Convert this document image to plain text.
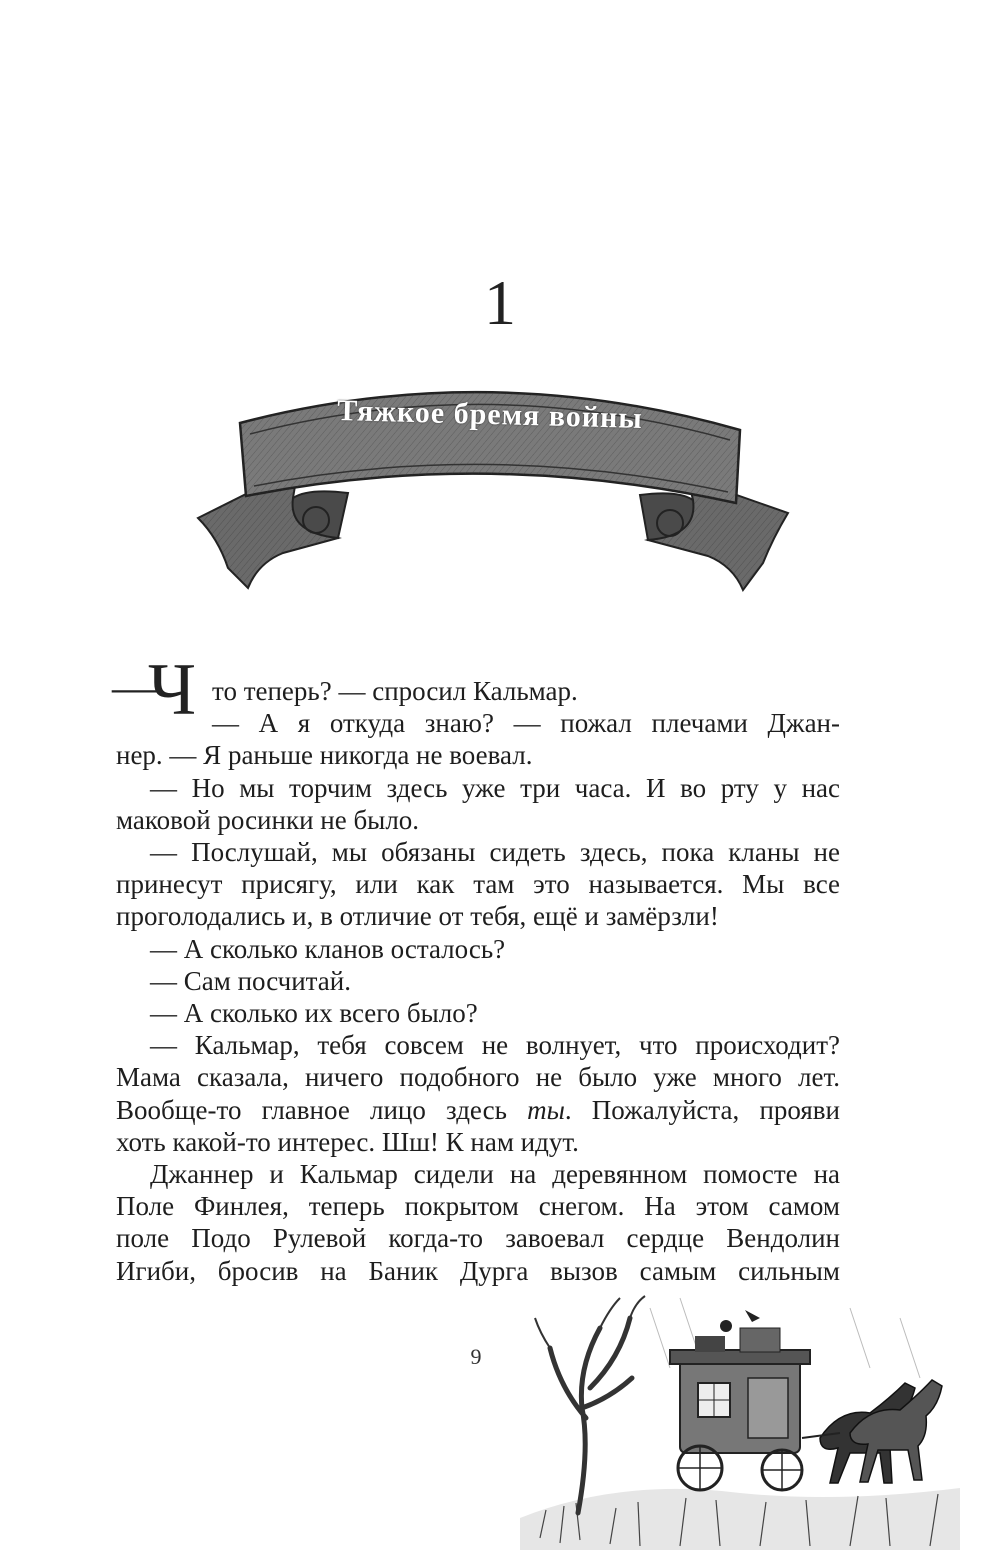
1
Тяжкое бремя войны
—
Ч то теперь? — спросил Кальмар.

— А я откуда знаю? — пожал плечами Джан-

нер. — Я раньше никогда не воевал.

— Но мы торчим здесь уже три часа. И во рту у нас

маковой росинки не было.

— Послушай, мы обязаны сидеть здесь, пока кланы не

принесут присягу, или как там это называется. Мы все

проголодались и, в отличие от тебя, ещё и замёрзли!

— А сколько кланов осталось?

— Сам посчитай.

— А сколько их всего было?

— Кальмар, тебя совсем не волнует, что происходит?

Мама сказала, ничего подобного не было уже много лет.

Вообще-то главное лицо здесь ты. Пожалуйста, прояви

хоть какой-то интерес. Шш! К нам идут.

Джаннер и Кальмар сидели на деревянном помосте на

Поле Финлея, теперь покрытом снегом. На этом самом

поле Подо Рулевой когда-то завоевал сердце Вендолин

Игиби, бросив на Баник Дурга вызов самым сильным

9
